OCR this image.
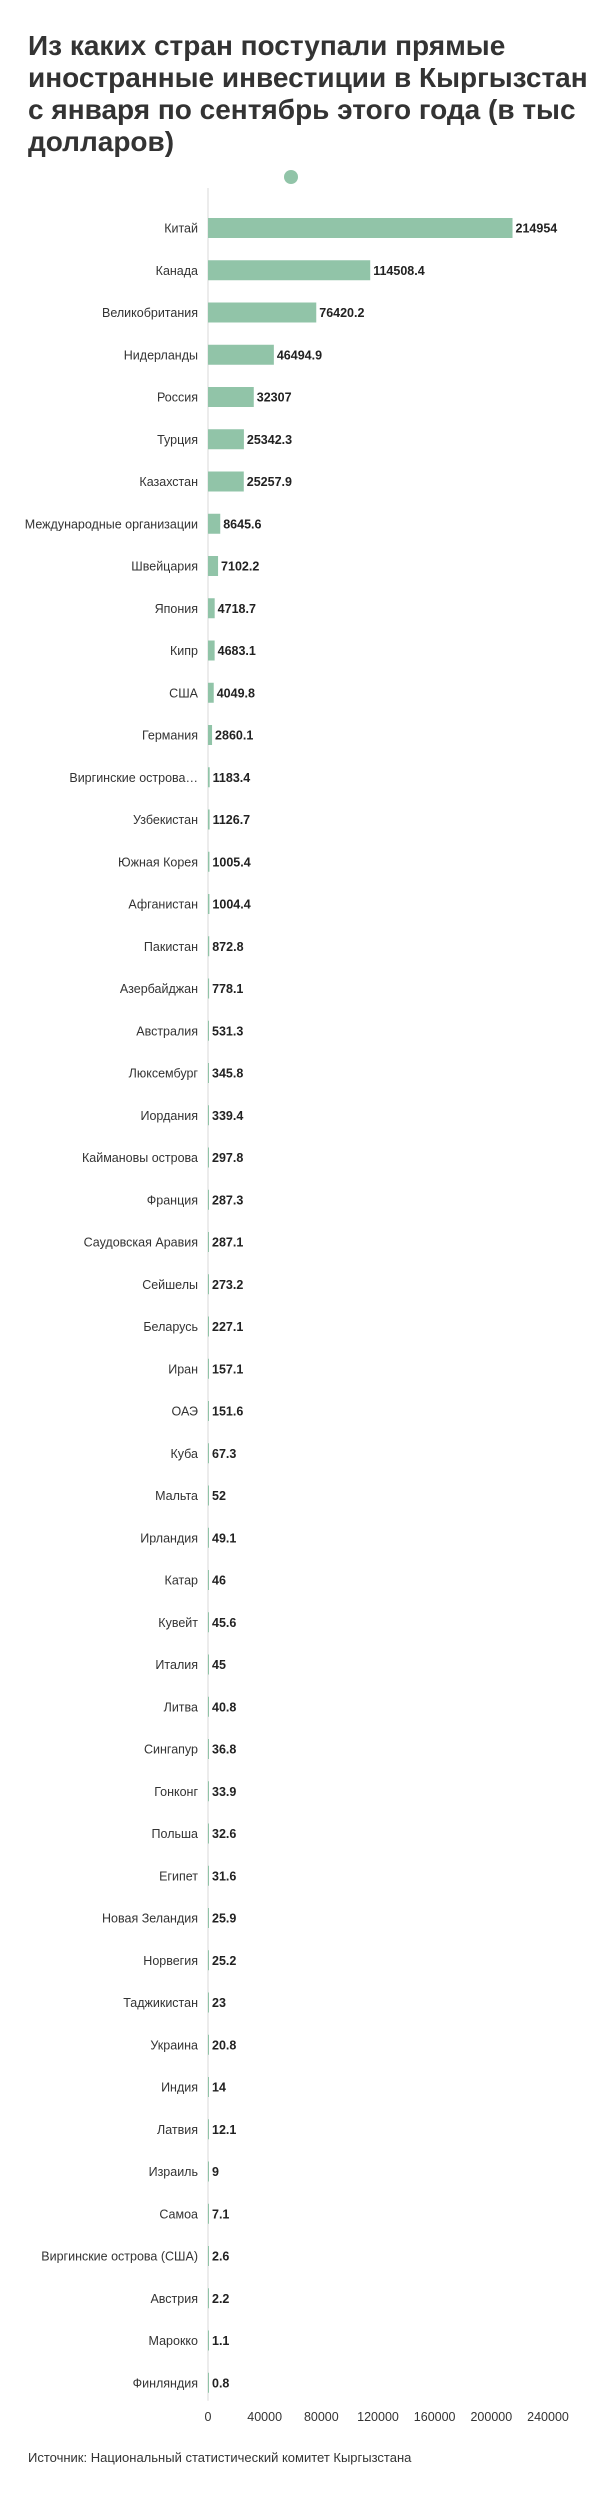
Из каких стран поступали прямые иностранные инвестиции в Кыргызстан с января по сентябрь этого года (в тыс долларов)
Китай	214954
Канада	114508.4
Великобритания	76420.2
Нидерланды	46494.9
Россия	32307
Турция	25342.3
Казахстан	25257.9
Международные организации 8645.6
Швейцария 7102.2
Япония 4718.7
Кипр 4683.1
США 4049.8
Германия 2860.1
Виргинские острова… 1183.4
Узбекистан 1126.7
Южная Корея 1005.4
Афганистан 1004.4
Пакистан 872.8
Азербайджан 778.1
Австралия 531.3
Люксембург 345.8
Иордания 339.4
Каймановы острова 297.8
Франция 287.3
Саудовская Аравия 287.1
Сейшелы 273.2
Беларусь 227.1
Иран 157.1
ОАЭ 151.6
Куба 67.3
Мальта 52
Ирландия 49.1
Катар 46
Кувейт 45.6
Италия 45
Литва 40.8
Сингапур 36.8
Гонконг 33.9
Польша 32.6
Египет 31.6
Новая Зеландия 25.9
Норвегия 25.2
Таджикистан 23
Украина 20.8
Индия 14
Латвия 12.1
Израиль 9
Самоа 7.1
Виргинские острова (США) 2.6
Австрия 2.2
Марокко 1.1
Финляндия 0.8
0	40000 80000 120000 160000 200000 240000
Источник: Национальный статистический комитет Кыргызстана
